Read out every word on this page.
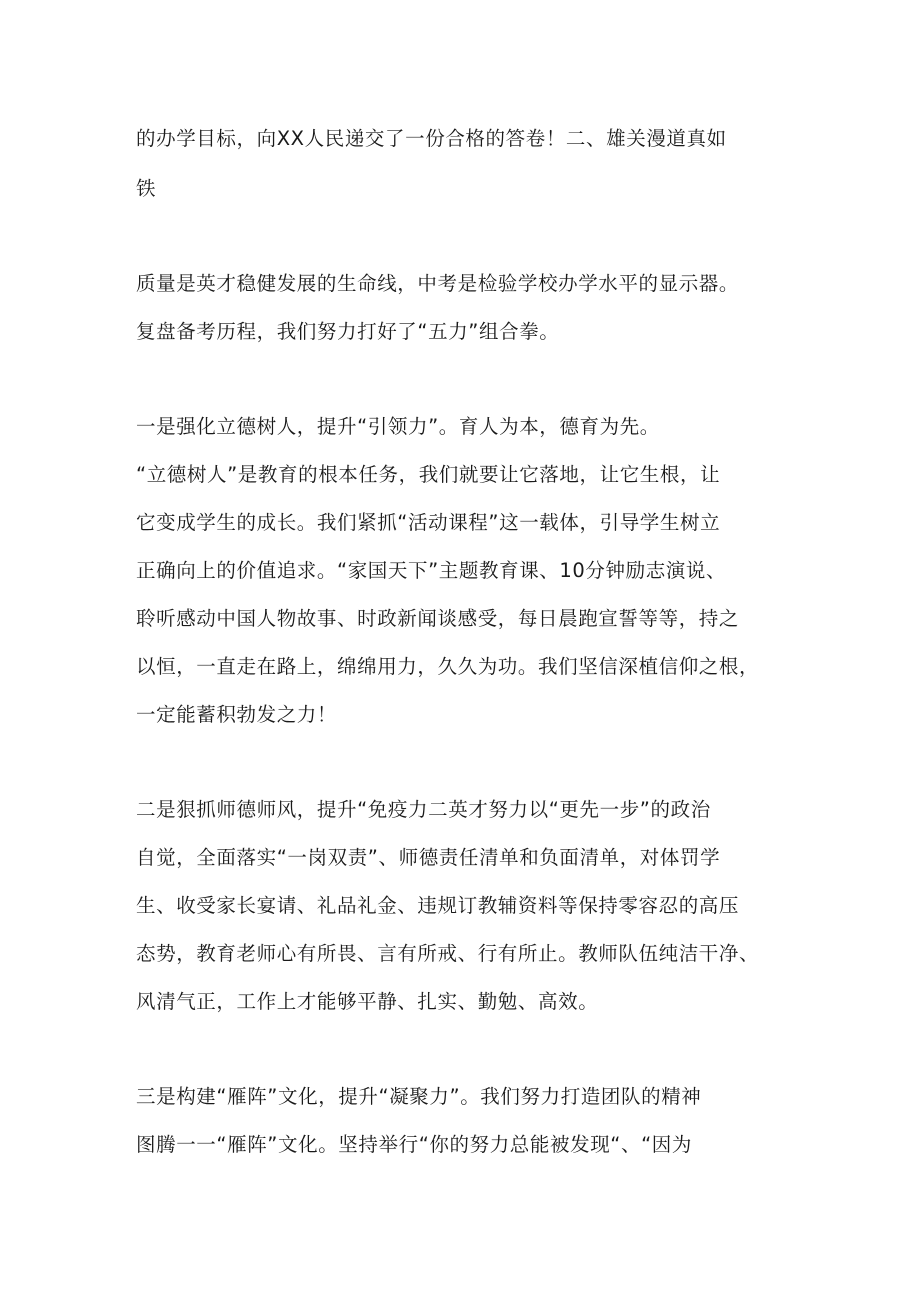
的办学目标，向XX人民递交了一份合格的答卷！二、雄关漫道真如

铁

质量是英才稳健发展的生命线，中考是检验学校办学水平的显示器。

复盘备考历程，我们努力打好了“五力”组合拳。

一是强化立德树人，提升“引领力”。育人为本，德育为先。

“立德树人”是教育的根本任务，我们就要让它落地，让它生根，让

它变成学生的成长。我们紧抓“活动课程”这一载体，引导学生树立

正确向上的价值追求。“家国天下”主题教育课、10分钟励志演说、

聆听感动中国人物故事、时政新闻谈感受，每日晨跑宣誓等等，持之

以恒，一直走在路上，绵绵用力，久久为功。我们坚信深植信仰之根，

一定能蓄积勃发之力！

二是狠抓师德师风，提升“免疫力二英才努力以“更先一步”的政治

自觉，全面落实“一岗双责”、师德责任清单和负面清单，对体罚学

生、收受家长宴请、礼品礼金、违规订教辅资料等保持零容忍的高压

态势，教育老师心有所畏、言有所戒、行有所止。教师队伍纯洁干净、

风清气正，工作上才能够平静、扎实、勤勉、高效。

三是构建“雁阵”文化，提升“凝聚力”。我们努力打造团队的精神

图腾一一“雁阵”文化。坚持举行“你的努力总能被发现“、“因为
